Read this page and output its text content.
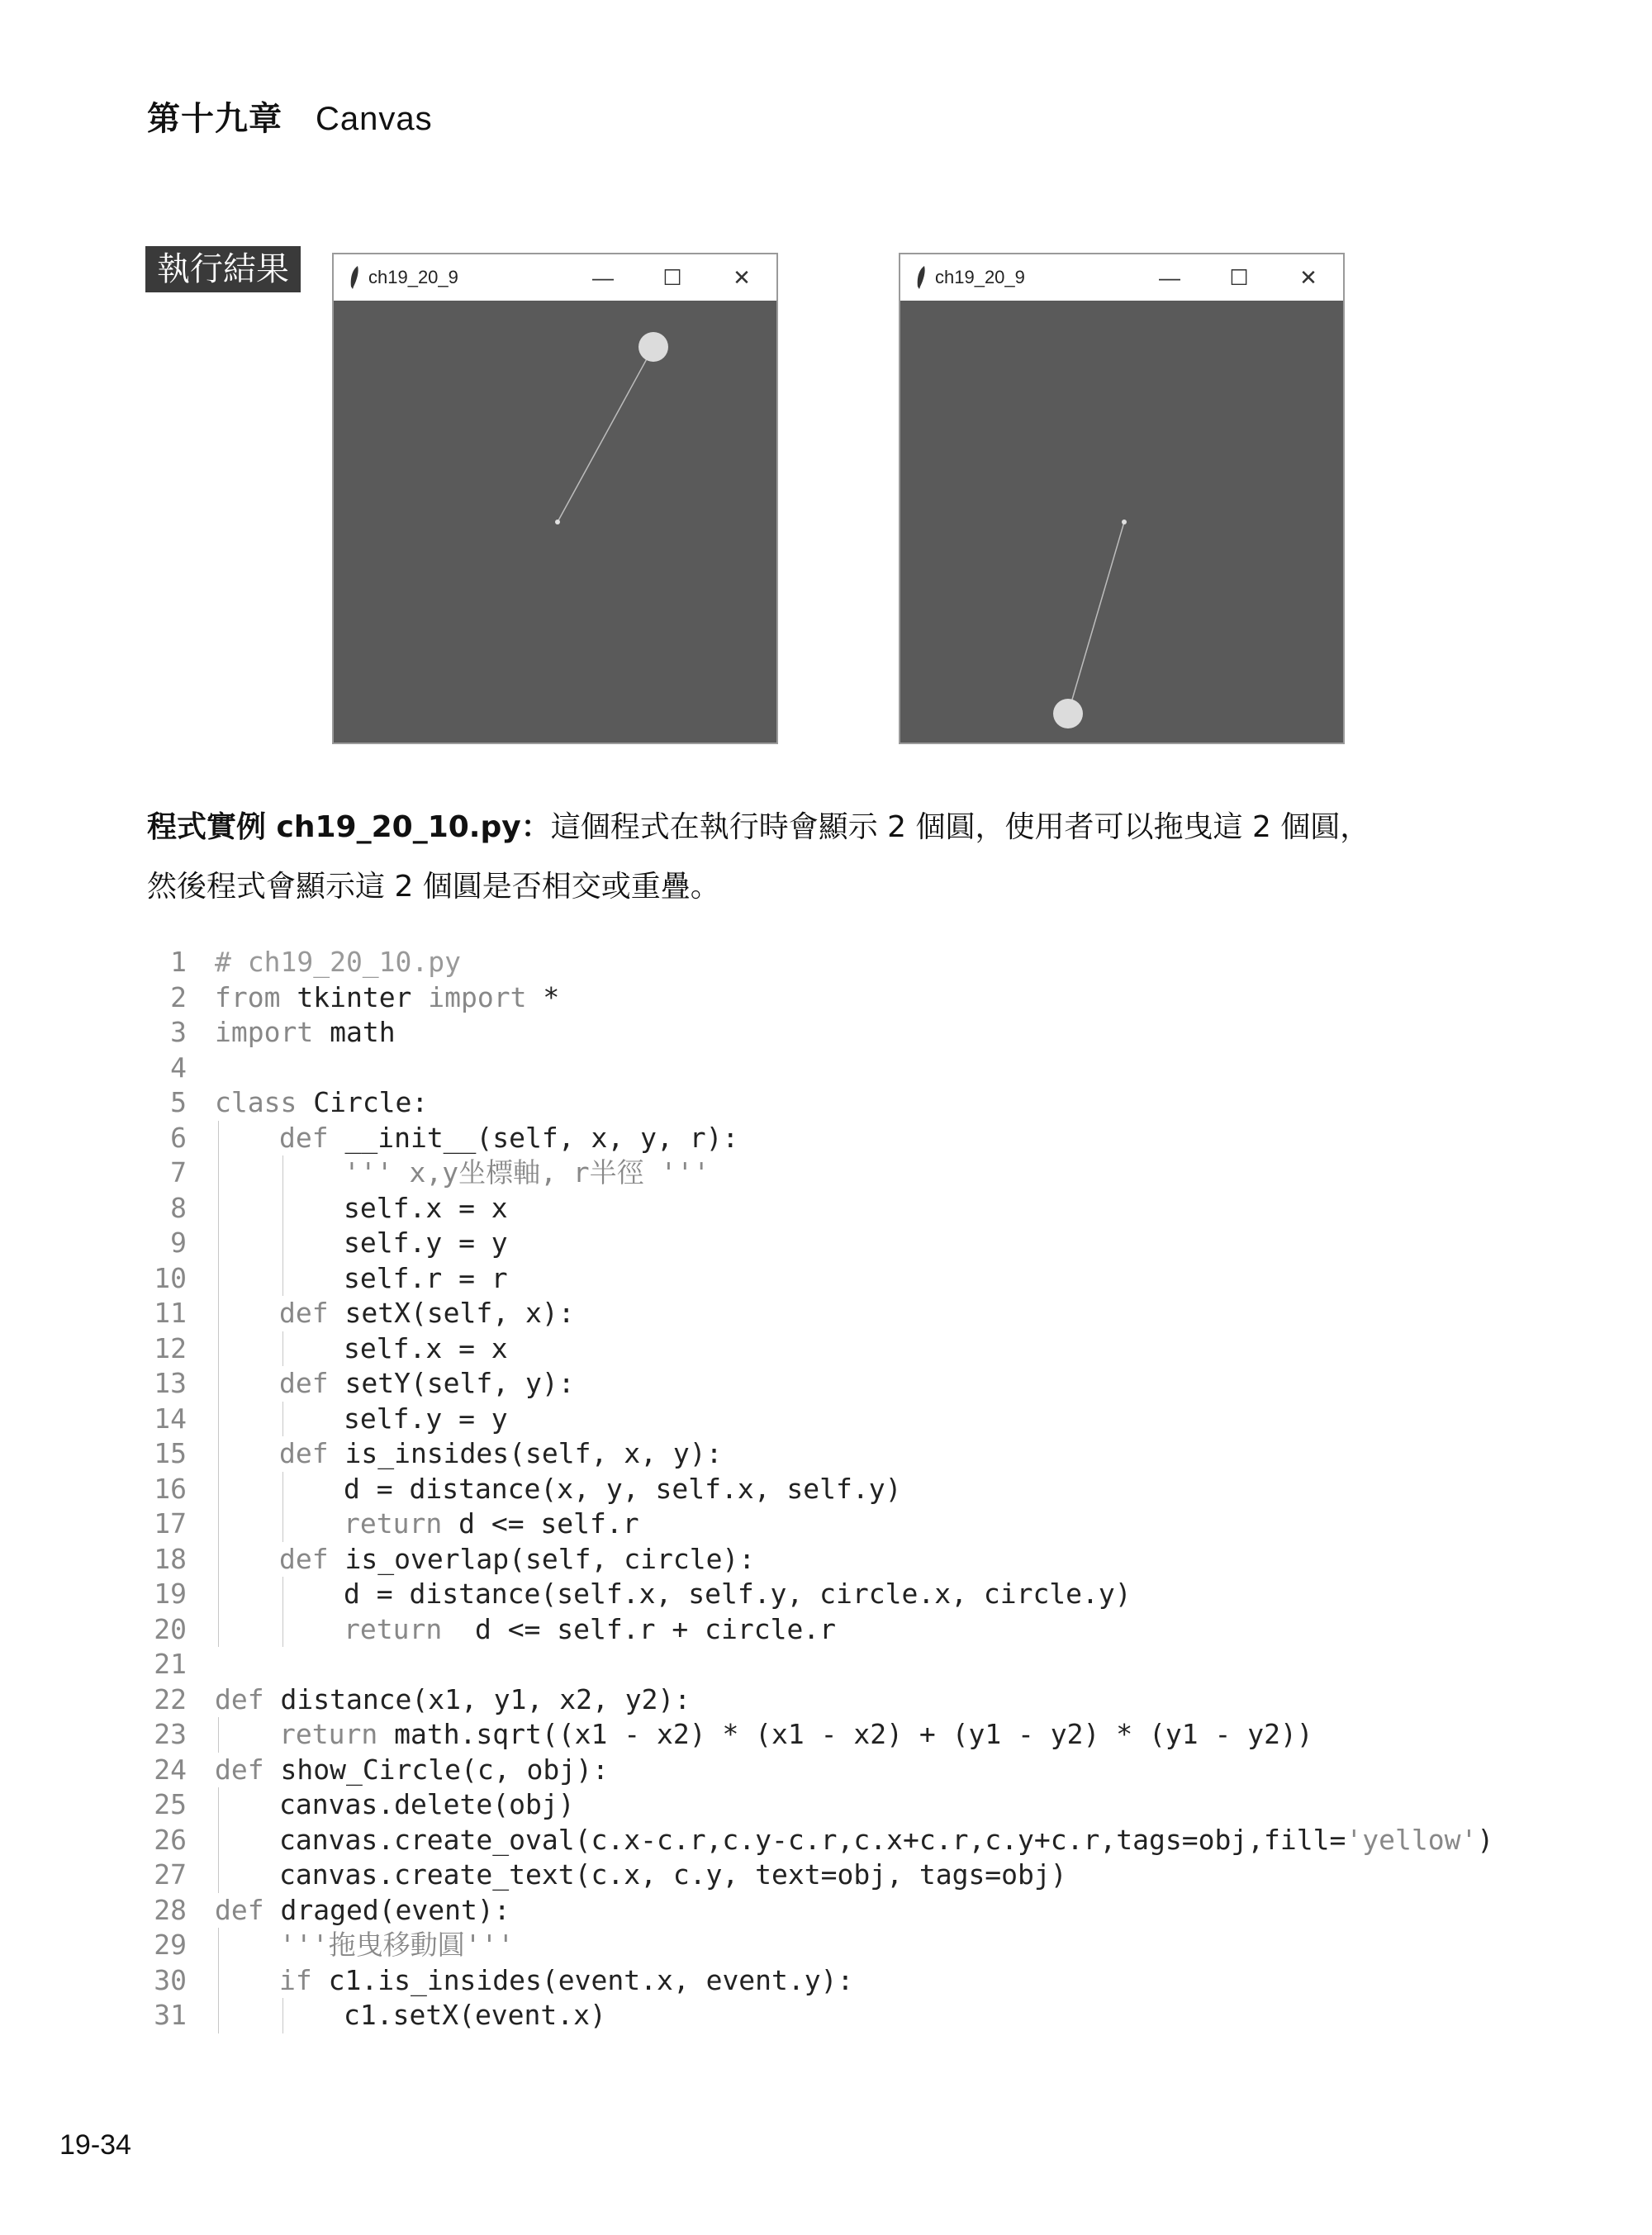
第十九章 Canvas
執行結果	ch19_20_9	—	☐	✕	ch19_20_9	—	☐	✕
程式實例 ch19_20_10.py：這個程式在執行時會顯示 2 個圓，使用者可以拖曳這 2 個圓，
然後程式會顯示這 2 個圓是否相交或重疊。
1 # ch19_20_10.py
2 from tkinter import *
3 import math
4
5 class Circle:
6	def __init__(self, x, y, r):
7	''' x,y坐標軸, r半徑 '''
8	self.x = x
9	self.y = y
10	self.r = r
11	def setX(self, x):
12	self.x = x
13	def setY(self, y):
14	self.y = y
15	def is_insides(self, x, y):
16	d = distance(x, y, self.x, self.y)
17	return d <= self.r
18	def is_overlap(self, circle):
19	d = distance(self.x, self.y, circle.x, circle.y)
20	return  d <= self.r + circle.r
21
22 def distance(x1, y1, x2, y2):
23	return math.sqrt((x1 - x2) * (x1 - x2) + (y1 - y2) * (y1 - y2))
24 def show_Circle(c, obj):
25	canvas.delete(obj)
26	canvas.create_oval(c.x-c.r,c.y-c.r,c.x+c.r,c.y+c.r,tags=obj,fill='yellow')
27	canvas.create_text(c.x, c.y, text=obj, tags=obj)
28 def draged(event):
29	'''拖曳移動圓'''
30	if c1.is_insides(event.x, event.y):
31	c1.setX(event.x)
19-34
